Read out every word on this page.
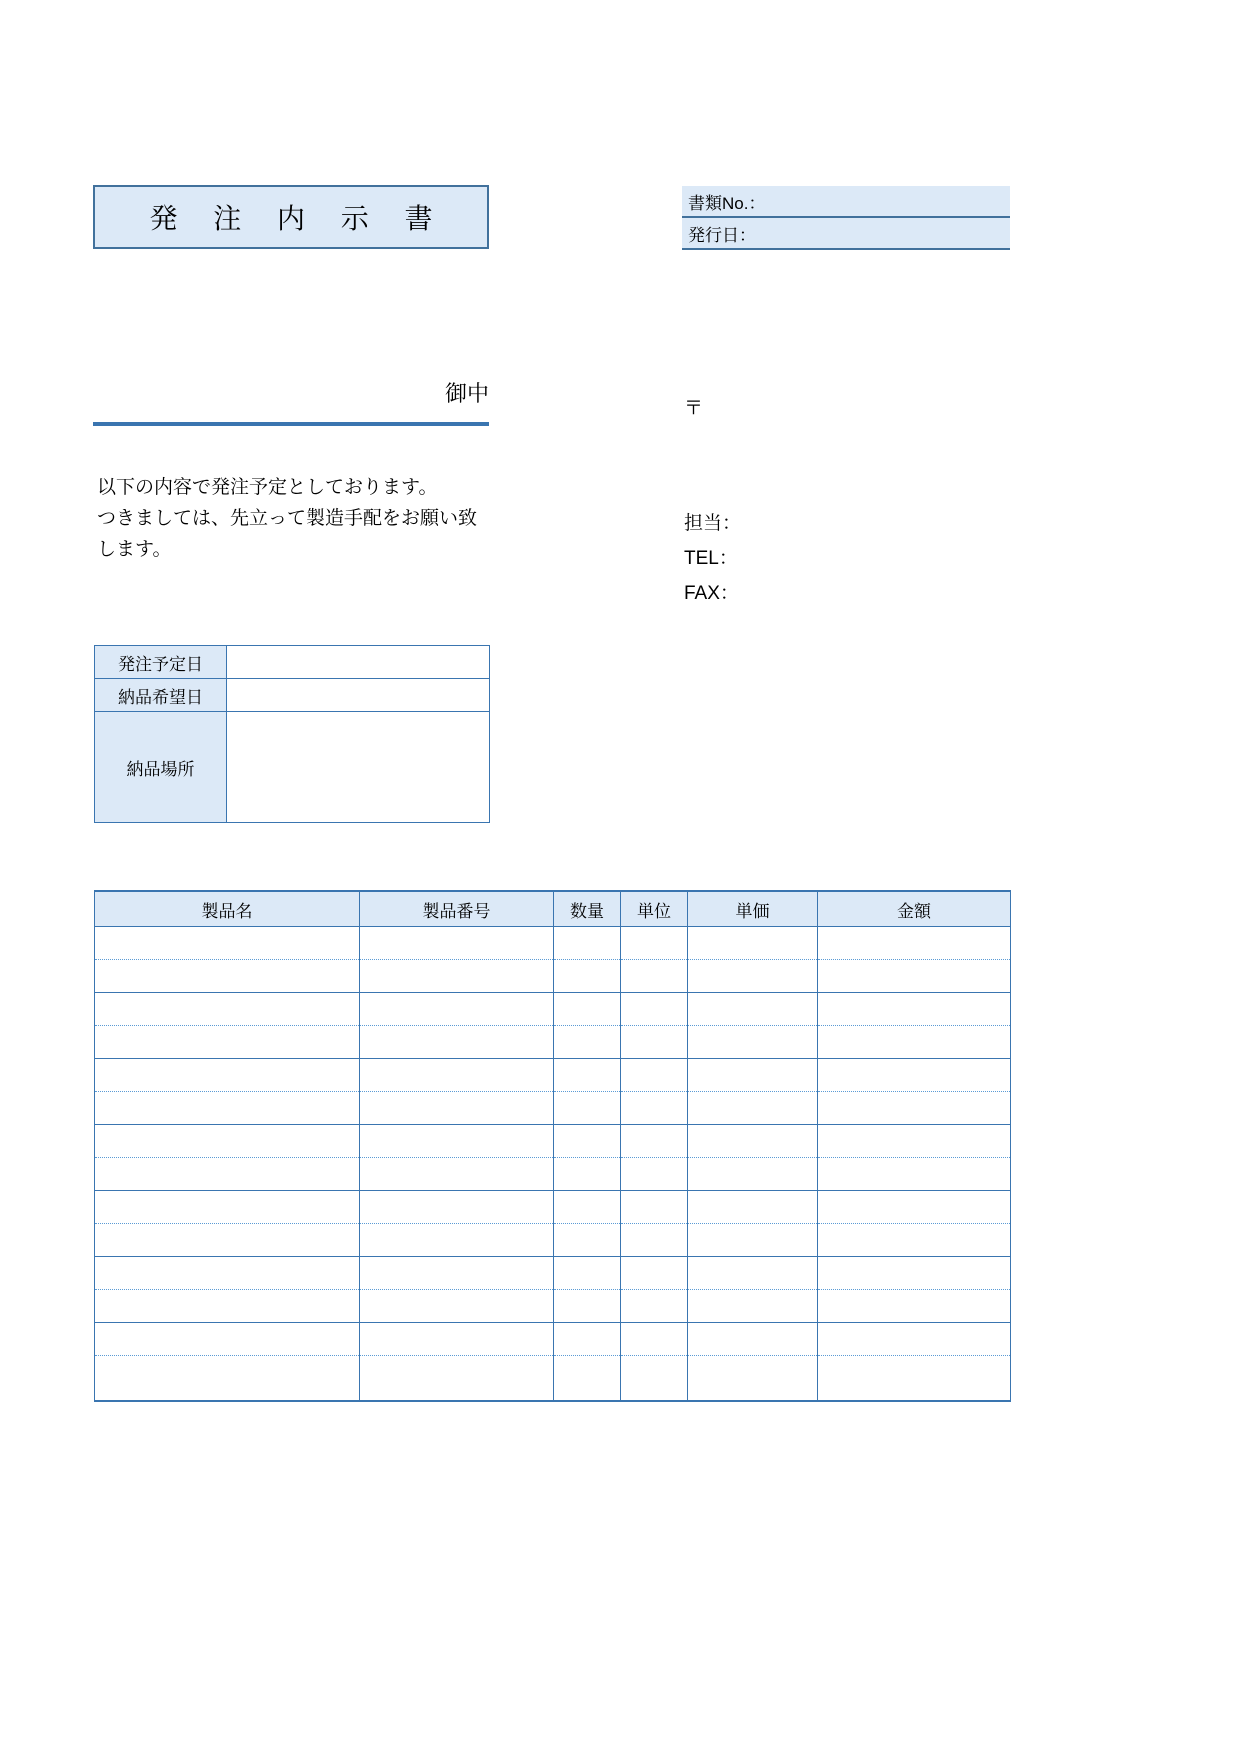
発 注 内 示 書	書類No.：
発行日：
御中

以下の内容で発注予定としております。

つきましては、先立って製造手配をお願い致

します。

〒
担当：
TEL：
FAX：
発注予定日	
納品希望日	
納品場所	
製品名	製品番号	数量	単位	単価	金額
